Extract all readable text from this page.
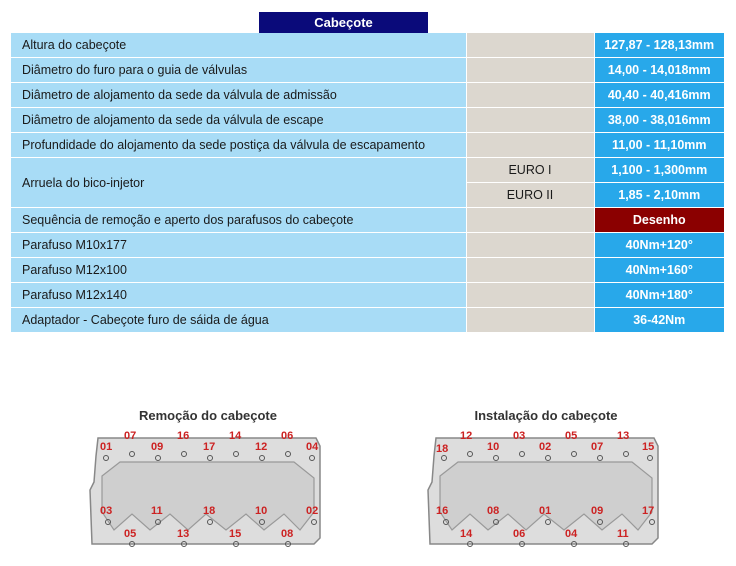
Cabeçote
Altura do cabeçote		127,87 - 128,13mm
Diâmetro do furo para o guia de válvulas		14,00 - 14,018mm
Diâmetro de alojamento da sede da válvula de admissão		40,40 - 40,416mm
Diâmetro de alojamento da sede da válvula de escape		38,00 - 38,016mm
Profundidade do alojamento da sede postiça da válvula de escapamento		11,00 - 11,10mm
Arruela do bico-injetor	EURO I	1,100 - 1,300mm
	EURO II	1,85 - 2,10mm
Sequência de remoção e aperto dos parafusos do cabeçote		Desenho
Parafuso M10x177		40Nm+120°
Parafuso M12x100		40Nm+160°
Parafuso M12x140		40Nm+180°
Adaptador - Cabeçote furo de sáida de água		36-42Nm
Remoção do cabeçote
01
07
09
16
17
14
12
06
04
03	11	18	10	02
05	13	15	08
Instalação do cabeçote
18
12
10
03
02
05
07
13
15
16	08	01	09	17
14	06	04	11
